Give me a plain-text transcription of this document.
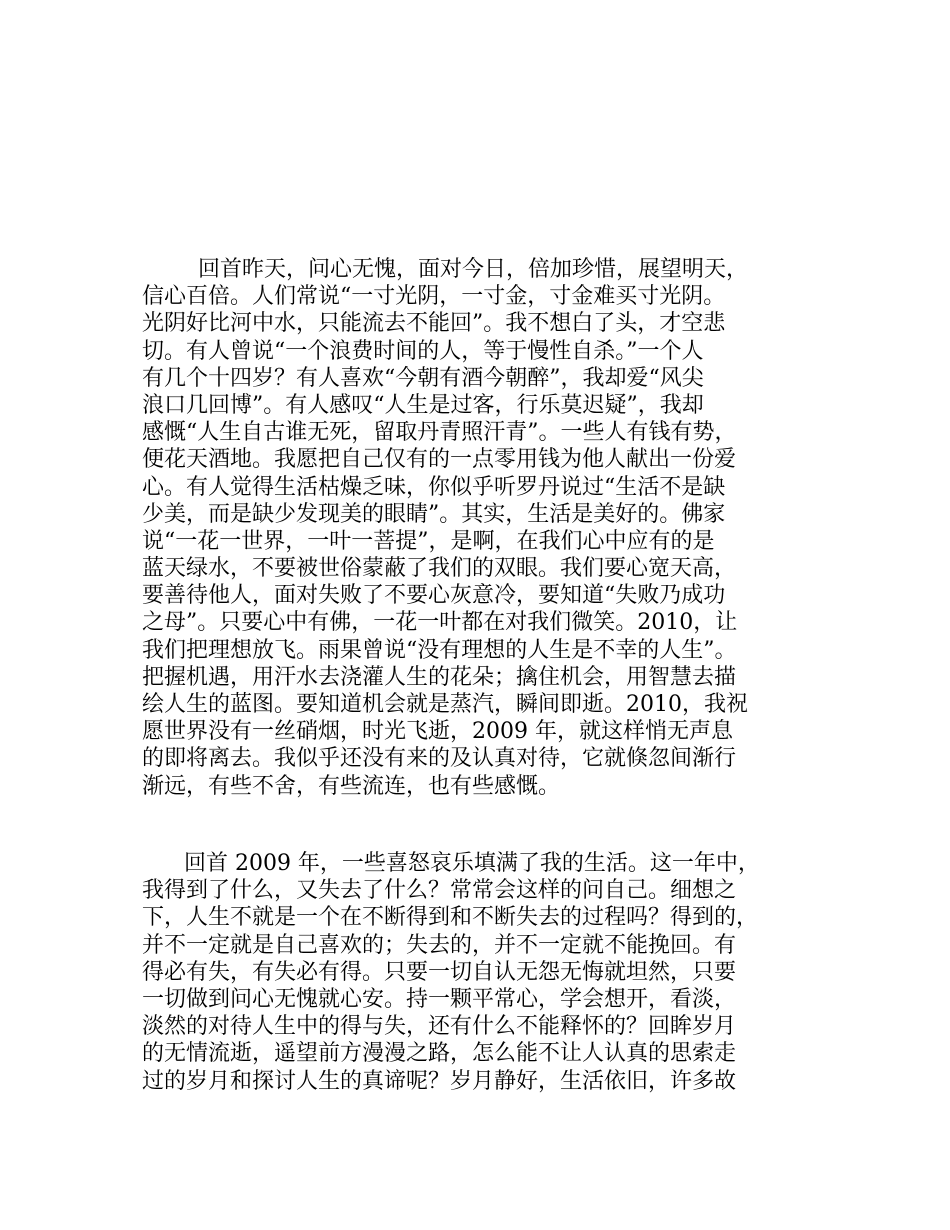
回首昨天，问心无愧，面对今日，倍加珍惜，展望明天，
信心百倍。人们常说“一寸光阴，一寸金，寸金难买寸光阴。
光阴好比河中水，只能流去不能回”。我不想白了头，才空悲
切。有人曾说“一个浪费时间的人，等于慢性自杀。”一个人
有几个十四岁？有人喜欢“今朝有酒今朝醉”，我却爱“风尖
浪口几回博”。有人感叹“人生是过客，行乐莫迟疑”，我却
感慨“人生自古谁无死，留取丹青照汗青”。一些人有钱有势，
便花天酒地。我愿把自己仅有的一点零用钱为他人献出一份爱
心。有人觉得生活枯燥乏味，你似乎听罗丹说过“生活不是缺
少美，而是缺少发现美的眼睛”。其实，生活是美好的。佛家
说“一花一世界，一叶一菩提”，是啊，在我们心中应有的是
蓝天绿水，不要被世俗蒙蔽了我们的双眼。我们要心宽天高，
要善待他人，面对失败了不要心灰意冷，要知道“失败乃成功
之母”。只要心中有佛，一花一叶都在对我们微笑。2010，让
我们把理想放飞。雨果曾说“没有理想的人生是不幸的人生”。
把握机遇，用汗水去浇灌人生的花朵；擒住机会，用智慧去描
绘人生的蓝图。要知道机会就是蒸汽，瞬间即逝。2010，我祝
愿世界没有一丝硝烟，时光飞逝，2009 年，就这样悄无声息
的即将离去。我似乎还没有来的及认真对待，它就倏忽间渐行
渐远，有些不舍，有些流连，也有些感慨。
回首 2009 年，一些喜怒哀乐填满了我的生活。这一年中，
我得到了什么，又失去了什么？常常会这样的问自己。细想之
下，人生不就是一个在不断得到和不断失去的过程吗？得到的，
并不一定就是自己喜欢的；失去的，并不一定就不能挽回。有
得必有失，有失必有得。只要一切自认无怨无悔就坦然，只要
一切做到问心无愧就心安。持一颗平常心，学会想开，看淡，
淡然的对待人生中的得与失，还有什么不能释怀的？回眸岁月
的无情流逝，遥望前方漫漫之路，怎么能不让人认真的思索走
过的岁月和探讨人生的真谛呢？岁月静好，生活依旧，许多故
